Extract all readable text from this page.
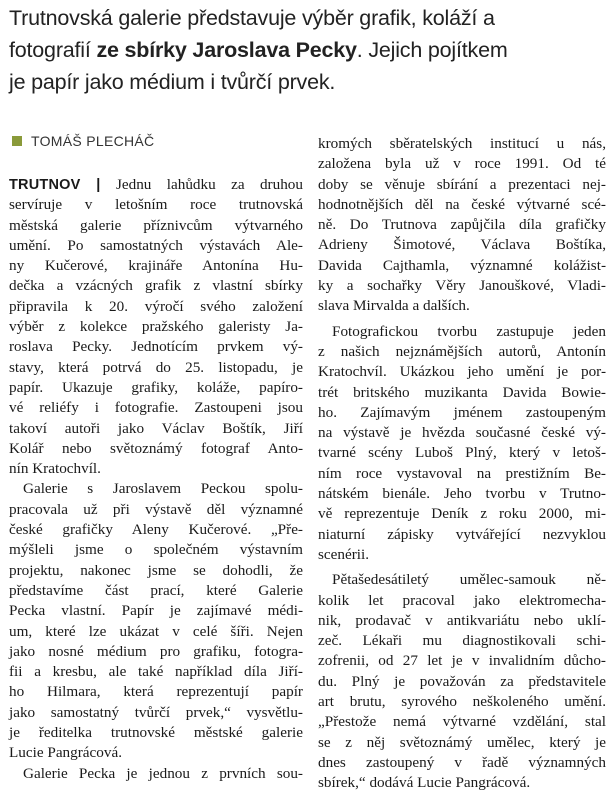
Trutnovská galerie představuje výběr grafik, koláží a
fotografií ze sbírky Jaroslava Pecky. Jejich pojítkem
je papír jako médium i tvůrčí prvek.
TOMÁŠ PLECHÁČ
TRUTNOV | Jednu lahůdku za druhou
servíruje v letošním roce trutnovská
městská galerie příznivcům výtvarného
umění. Po samostatných výstavách Ale-
ny Kučerové, krajináře Antonína Hu-
dečka a vzácných grafik z vlastní sbírky
připravila k 20. výročí svého založení
výběr z kolekce pražského galeristy Ja-
roslava Pecky. Jednotícím prvkem vý-
stavy, která potrvá do 25. listopadu, je
papír. Ukazuje grafiky, koláže, papíro-
vé reliéfy i fotografie. Zastoupeni jsou
takoví autoři jako Václav Boštík, Jiří
Kolář nebo světoznámý fotograf Anto-
nín Kratochvíl.
Galerie s Jaroslavem Peckou spolu-
pracovala už při výstavě děl významné
české grafičky Aleny Kučerové. „Pře-
mýšleli jsme o společném výstavním
projektu, nakonec jsme se dohodli, že
představíme část prací, které Galerie
Pecka vlastní. Papír je zajímavé médi-
um, které lze ukázat v celé šíři. Nejen
jako nosné médium pro grafiku, fotogra-
fii a kresbu, ale také například díla Jiří-
ho Hilmara, která reprezentují papír
jako samostatný tvůrčí prvek,“ vysvětlu-
je ředitelka trutnovské městské galerie
Lucie Pangrácová.
Galerie Pecka je jednou z prvních sou-
kromých sběratelských institucí u nás,
založena byla už v roce 1991. Od té
doby se věnuje sbírání a prezentaci nej-
hodnotnějších děl na české výtvarné scé-
ně. Do Trutnova zapůjčila díla grafičky
Adrieny Šimotové, Václava Boštíka,
Davida Cajthamla, významné kolážist-
ky a sochařky Věry Janouškové, Vladi-
slava Mirvalda a dalších.
Fotografickou tvorbu zastupuje jeden
z našich nejznámějších autorů, Antonín
Kratochvíl. Ukázkou jeho umění je por-
trét britského muzikanta Davida Bowie-
ho. Zajímavým jménem zastoupeným
na výstavě je hvězda současné české vý-
tvarné scény Luboš Plný, který v letoš-
ním roce vystavoval na prestižním Be-
nátském bienále. Jeho tvorbu v Trutno-
vě reprezentuje Deník z roku 2000, mi-
niaturní zápisky vytvářející nezvyklou
scenérii.
Pětašedesátiletý umělec-samouk ně-
kolik let pracoval jako elektromecha-
nik, prodavač v antikvariátu nebo uklí-
zeč. Lékaři mu diagnostikovali schi-
zofrenii, od 27 let je v invalidním důcho-
du. Plný je považován za představitele
art brutu, syrového neškoleného umění.
„Přestože nemá výtvarné vzdělání, stal
se z něj světoznámý umělec, který je
dnes zastoupený v řadě významných
sbírek,“ dodává Lucie Pangrácová.
